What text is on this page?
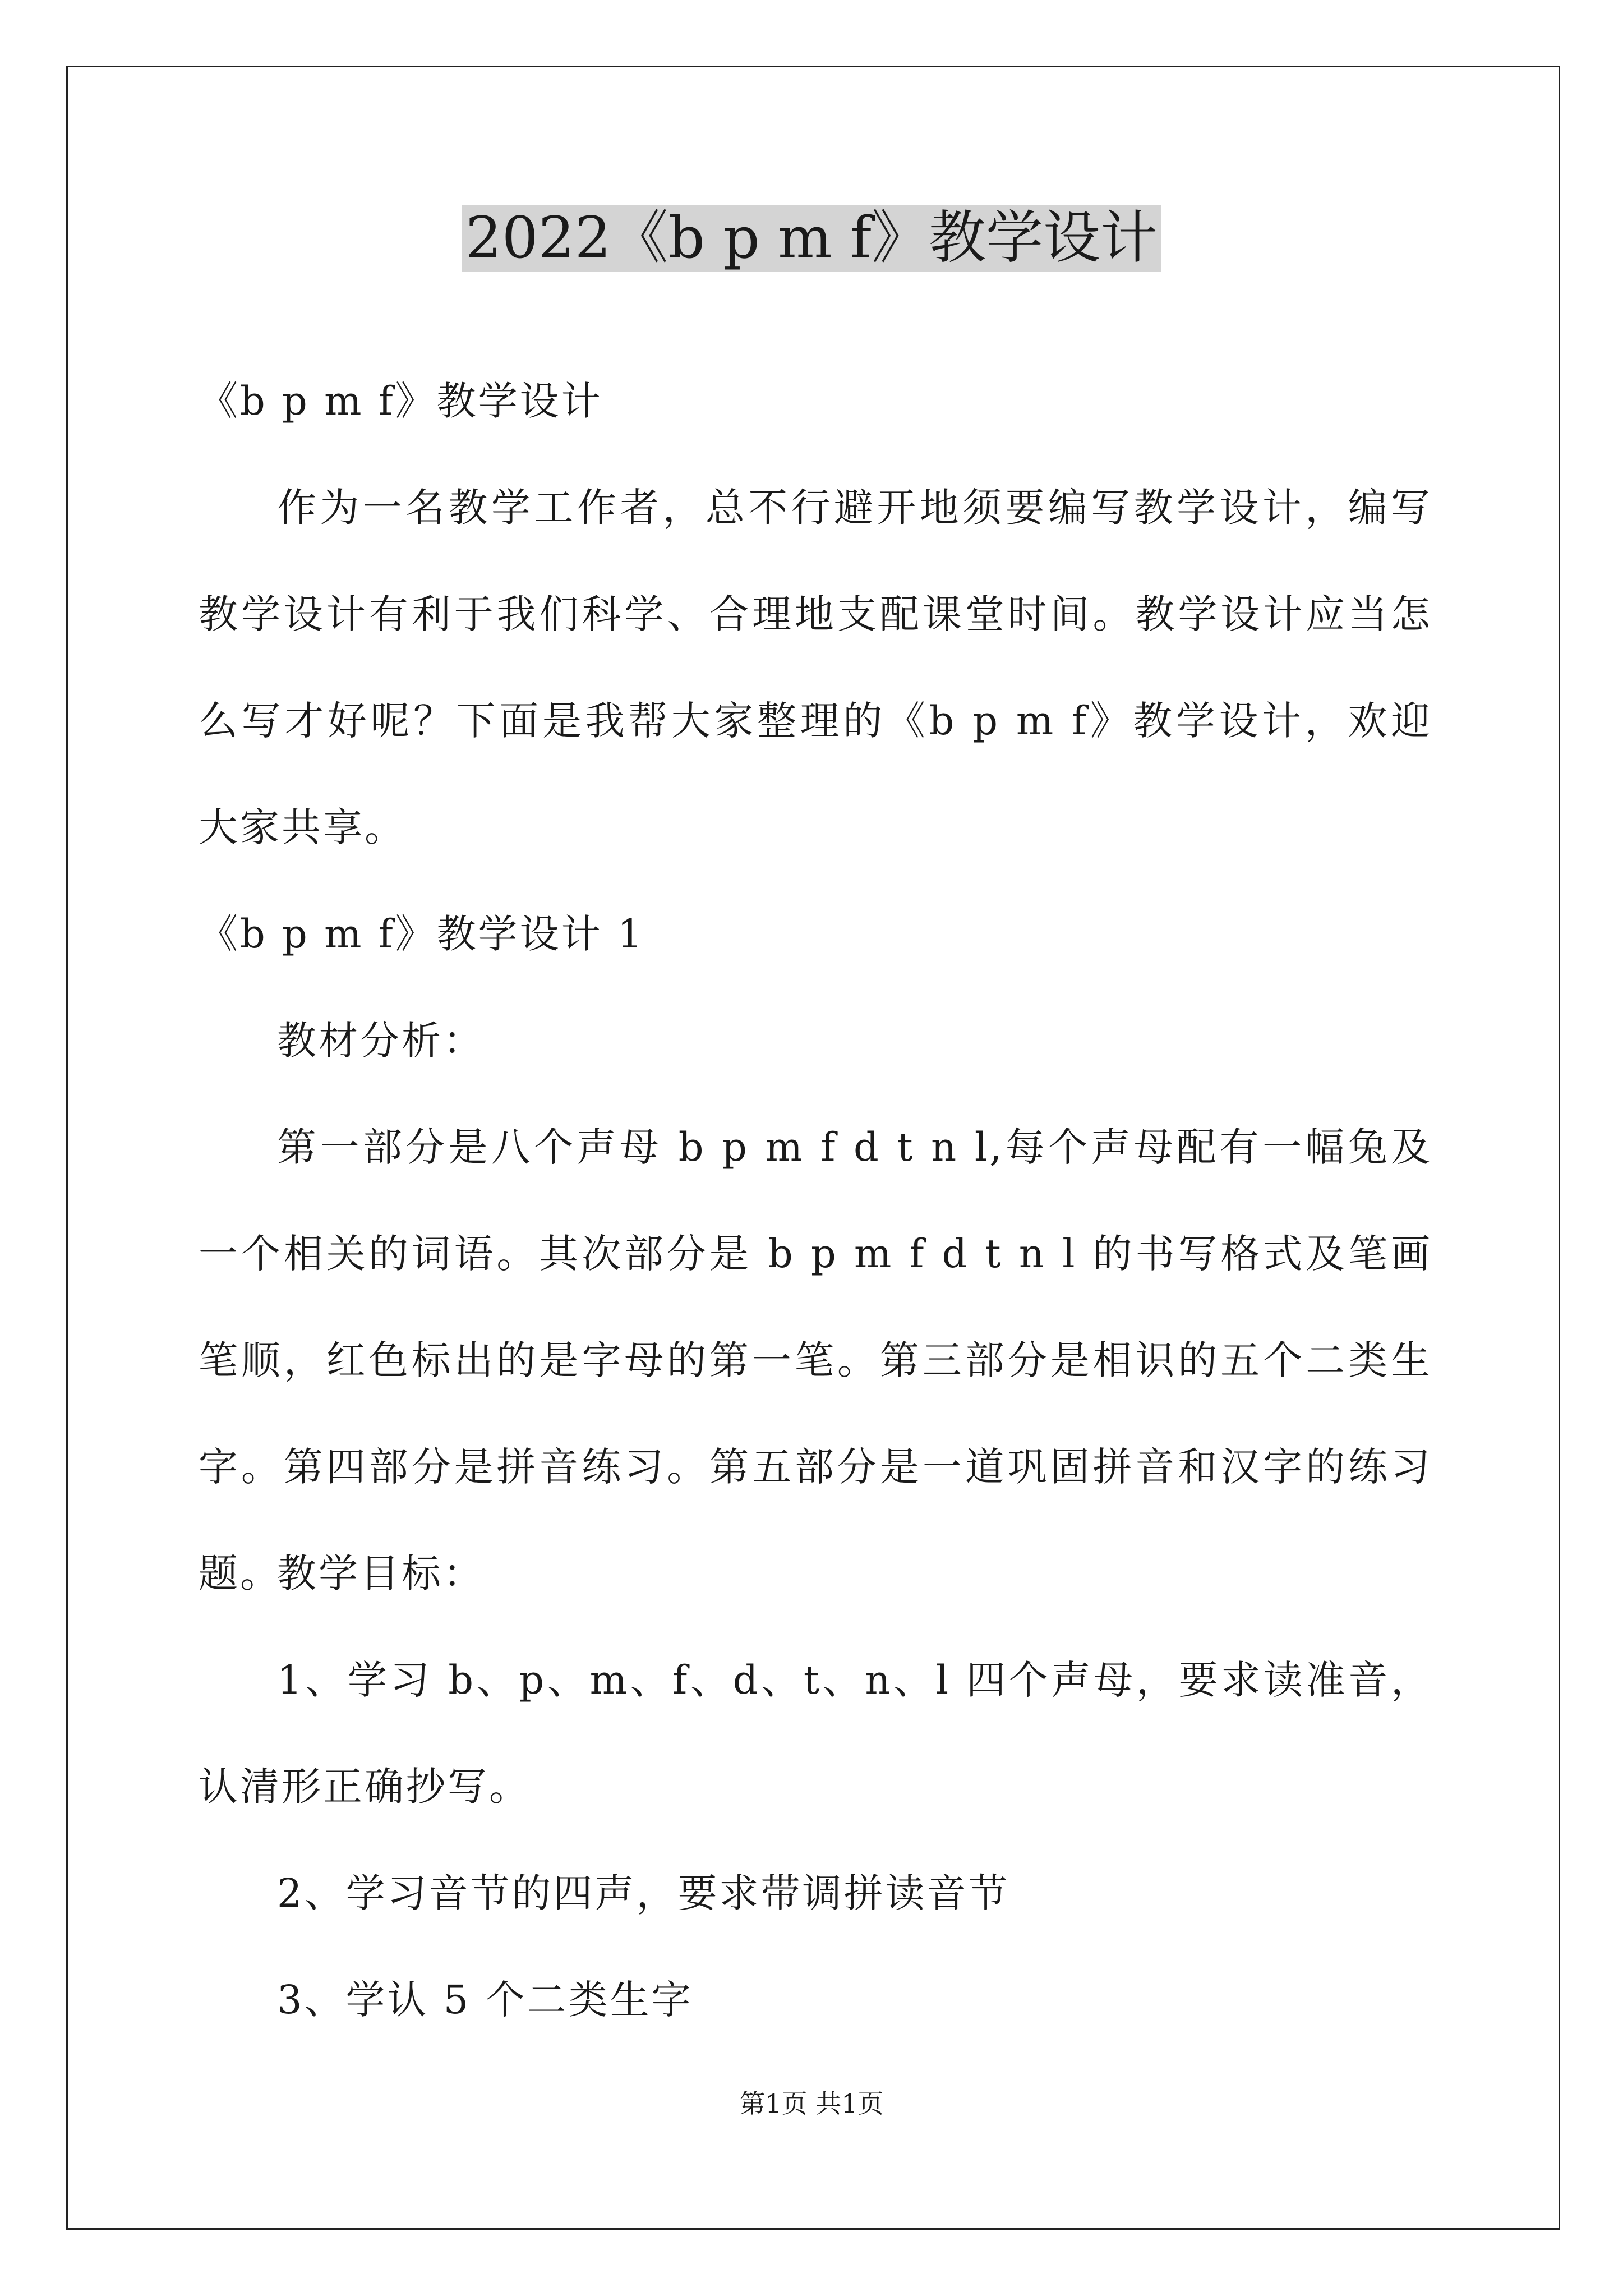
2022《b p m f》教学设计

《b p m f》教学设计

作为一名教学工作者，总不行避开地须要编写教学设计，编写教学设计有利于我们科学、合理地支配课堂时间。教学设计应当怎么写才好呢？下面是我帮大家整理的《b p m f》教学设计，欢迎大家共享。

《b p m f》教学设计 1

教材分析：

第一部分是八个声母 b p m f d t n l,每个声母配有一幅兔及一个相关的词语。其次部分是 b p m f d t n l 的书写格式及笔画笔顺，红色标出的是字母的第一笔。第三部分是相识的五个二类生字。第四部分是拼音练习。第五部分是一道巩固拼音和汉字的练习题。

教学目标：

1、学习 b、p、m、f、d、t、n、l 四个声母，要求读准音，认清形正确抄写。

2、学习音节的四声，要求带调拼读音节

3、学认 5 个二类生字

第1页 共1页
